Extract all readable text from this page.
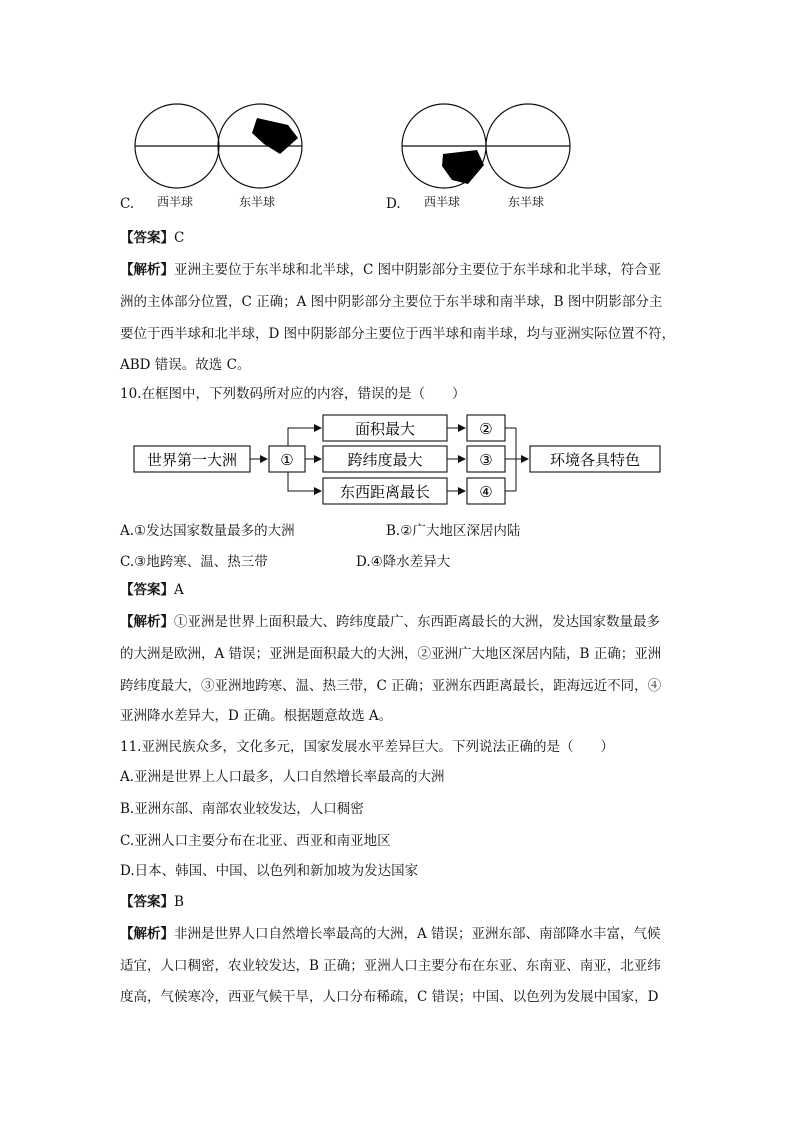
C. 西半球	东半球	D. 西半球	东半球
【答案】C
【解析】亚洲主要位于东半球和北半球，C 图中阴影部分主要位于东半球和北半球，符合亚
洲的主体部分位置，C 正确；A 图中阴影部分主要位于东半球和南半球，B 图中阴影部分主
要位于西半球和北半球，D 图中阴影部分主要位于西半球和南半球，均与亚洲实际位置不符，
ABD 错误。故选 C。
10.在框图中，下列数码所对应的内容，错误的是（　　）
世界第一大洲	①
面积最大
跨纬度最大
东西距离最长
②
③
④
环境各具特色
A.①发达国家数量最多的大洲	B.②广大地区深居内陆
C.③地跨寒、温、热三带	D.④降水差异大
【答案】A
【解析】①亚洲是世界上面积最大、跨纬度最广、东西距离最长的大洲，发达国家数量最多
的大洲是欧洲，A 错误；亚洲是面积最大的大洲，②亚洲广大地区深居内陆，B 正确；亚洲
跨纬度最大，③亚洲地跨寒、温、热三带，C 正确；亚洲东西距离最长，距海远近不同，④
亚洲降水差异大，D 正确。根据题意故选 A。
11.亚洲民族众多，文化多元，国家发展水平差异巨大。下列说法正确的是（　　）
A.亚洲是世界上人口最多，人口自然增长率最高的大洲
B.亚洲东部、南部农业较发达，人口稠密
C.亚洲人口主要分布在北亚、西亚和南亚地区
D.日本、韩国、中国、以色列和新加坡为发达国家
【答案】B
【解析】非洲是世界人口自然增长率最高的大洲，A 错误；亚洲东部、南部降水丰富，气候
适宜，人口稠密，农业较发达，B 正确；亚洲人口主要分布在东亚、东南亚、南亚，北亚纬
度高，气候寒冷，西亚气候干旱，人口分布稀疏，C 错误；中国、以色列为发展中国家，D
